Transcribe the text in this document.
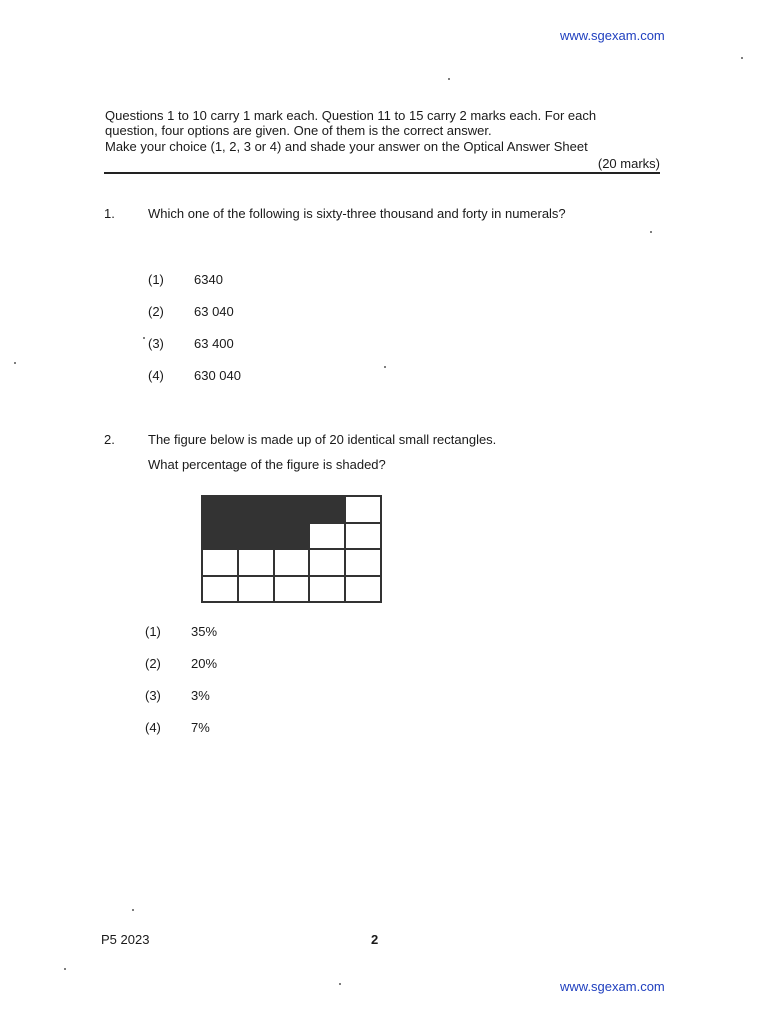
www.sgexam.com
Questions 1 to 10 carry 1 mark each. Question 11 to 15 carry 2 marks each. For each
question, four options are given. One of them is the correct answer.
Make your choice (1, 2, 3 or 4) and shade your answer on the Optical Answer Sheet
(20 marks)
1.	Which one of the following is sixty-three thousand and forty in numerals?
(1) 6340
(2) 63 040
(3) 63 400
(4) 630 040
2.	The figure below is made up of 20 identical small rectangles.
What percentage of the figure is shaded?
(1) 35%
(2) 20%
(3) 3%
(4) 7%
P5 2023	2
www.sgexam.com
